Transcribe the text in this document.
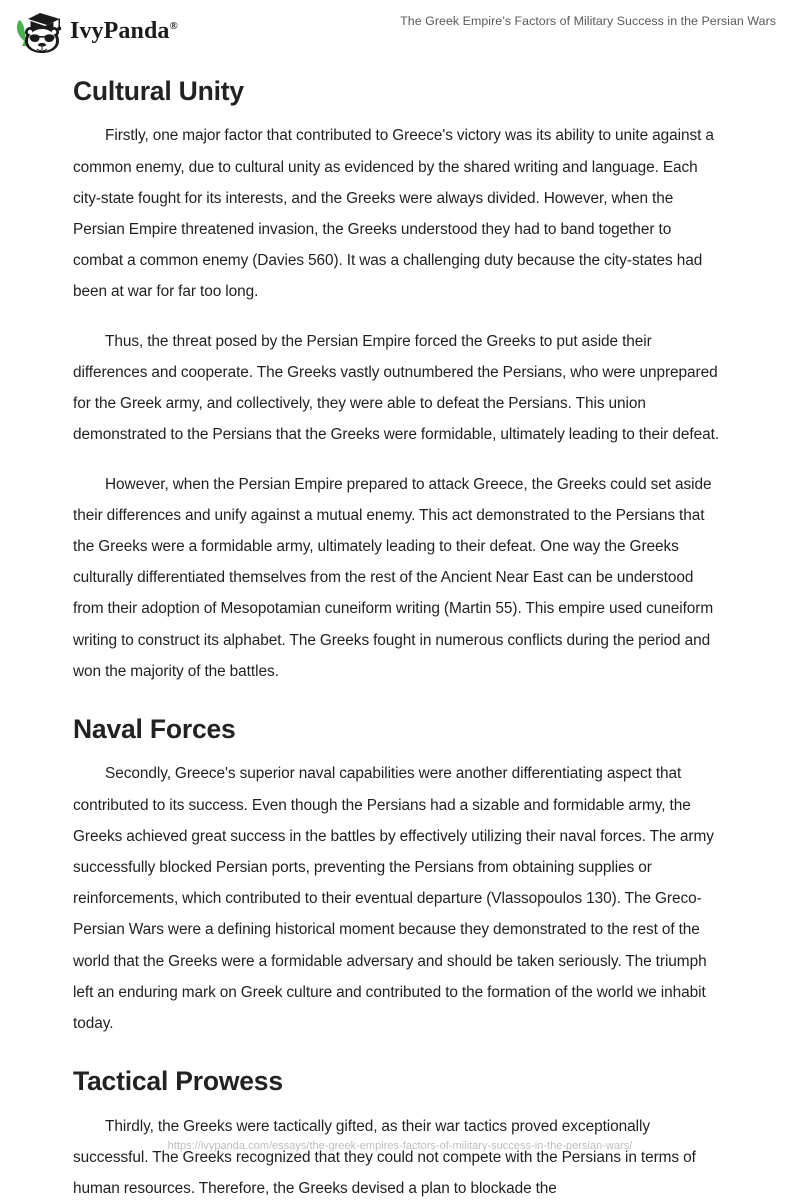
IvyPanda®	The Greek Empire’s Factors of Military Success in the Persian Wars
Cultural Unity

Firstly, one major factor that contributed to Greece's victory was its ability to unite against a common enemy, due to cultural unity as evidenced by the shared writing and language. Each city-state fought for its interests, and the Greeks were always divided. However, when the Persian Empire threatened invasion, the Greeks understood they had to band together to combat a common enemy (Davies 560). It was a challenging duty because the city-states had been at war for far too long.

Thus, the threat posed by the Persian Empire forced the Greeks to put aside their differences and cooperate. The Greeks vastly outnumbered the Persians, who were unprepared for the Greek army, and collectively, they were able to defeat the Persians. This union demonstrated to the Persians that the Greeks were formidable, ultimately leading to their defeat.

However, when the Persian Empire prepared to attack Greece, the Greeks could set aside their differences and unify against a mutual enemy. This act demonstrated to the Persians that the Greeks were a formidable army, ultimately leading to their defeat. One way the Greeks culturally differentiated themselves from the rest of the Ancient Near East can be understood from their adoption of Mesopotamian cuneiform writing (Martin 55). This empire used cuneiform writing to construct its alphabet. The Greeks fought in numerous conflicts during the period and won the majority of the battles.

Naval Forces

Secondly, Greece's superior naval capabilities were another differentiating aspect that contributed to its success. Even though the Persians had a sizable and formidable army, the Greeks achieved great success in the battles by effectively utilizing their naval forces. The army successfully blocked Persian ports, preventing the Persians from obtaining supplies or reinforcements, which contributed to their eventual departure (Vlassopoulos 130). The Greco-Persian Wars were a defining historical moment because they demonstrated to the rest of the world that the Greeks were a formidable adversary and should be taken seriously. The triumph left an enduring mark on Greek culture and contributed to the formation of the world we inhabit today.

Tactical Prowess

Thirdly, the Greeks were tactically gifted, as their war tactics proved exceptionally successful. The Greeks recognized that they could not compete with the Persians in terms of human resources. Therefore, the Greeks devised a plan to blockade the

https://ivypanda.com/essays/the-greek-empires-factors-of-military-success-in-the-persian-wars/
